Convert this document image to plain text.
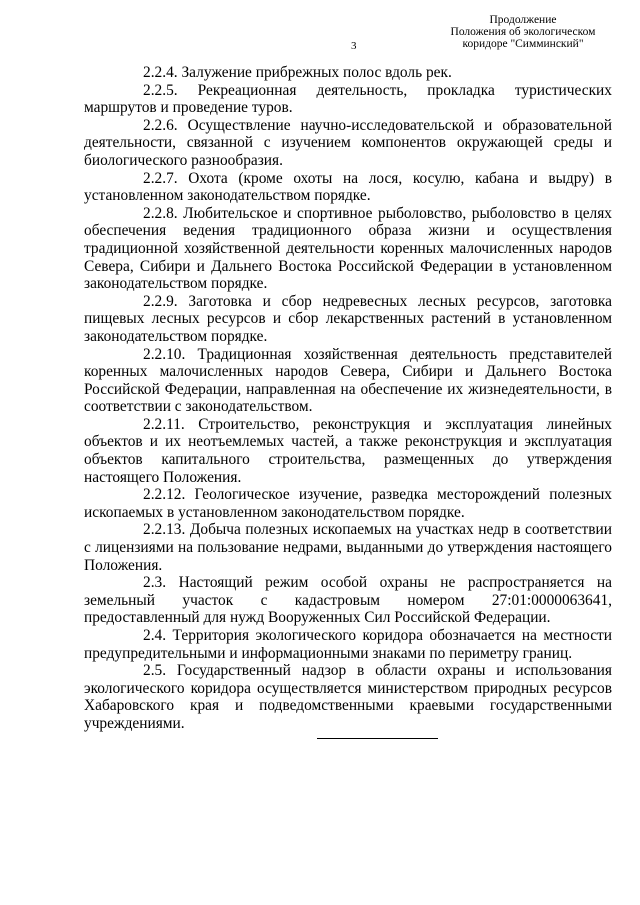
3
Продолжение
Положения об экологическом
коридоре "Симминский"

2.2.4. Залужение прибрежных полос вдоль рек.

2.2.5. Рекреационная деятельность, прокладка туристических маршрутов и проведение туров.

2.2.6. Осуществление научно-исследовательской и образовательной деятельности, связанной с изучением компонентов окружающей среды и биологического разнообразия.

2.2.7. Охота (кроме охоты на лося, косулю, кабана и выдру) в установленном законодательством порядке.

2.2.8. Любительское и спортивное рыболовство, рыболовство в целях обеспечения ведения традиционного образа жизни и осуществления традиционной хозяйственной деятельности коренных малочисленных народов Севера, Сибири и Дальнего Востока Российской Федерации в установленном законодательством порядке.

2.2.9. Заготовка и сбор недревесных лесных ресурсов, заготовка пищевых лесных ресурсов и сбор лекарственных растений в установленном законодательством порядке.

2.2.10. Традиционная хозяйственная деятельность представителей коренных малочисленных народов Севера, Сибири и Дальнего Востока Российской Федерации, направленная на обеспечение их жизнедеятельности, в соответствии с законодательством.

2.2.11. Строительство, реконструкция и эксплуатация линейных объектов и их неотъемлемых частей, а также реконструкция и эксплуатация объектов капитального строительства, размещенных до утверждения настоящего Положения.

2.2.12. Геологическое изучение, разведка месторождений полезных ископаемых в установленном законодательством порядке.

2.2.13. Добыча полезных ископаемых на участках недр в соответствии с лицензиями на пользование недрами, выданными до утверждения настоящего Положения.

2.3. Настоящий режим особой охраны не распространяется на земельный участок с кадастровым номером 27:01:0000063641, предоставленный для нужд Вооруженных Сил Российской Федерации.

2.4. Территория экологического коридора обозначается на местности предупредительными и информационными знаками по периметру границ.

2.5. Государственный надзор в области охраны и использования экологического коридора осуществляется министерством природных ресурсов Хабаровского края и подведомственными краевыми государственными учреждениями.
